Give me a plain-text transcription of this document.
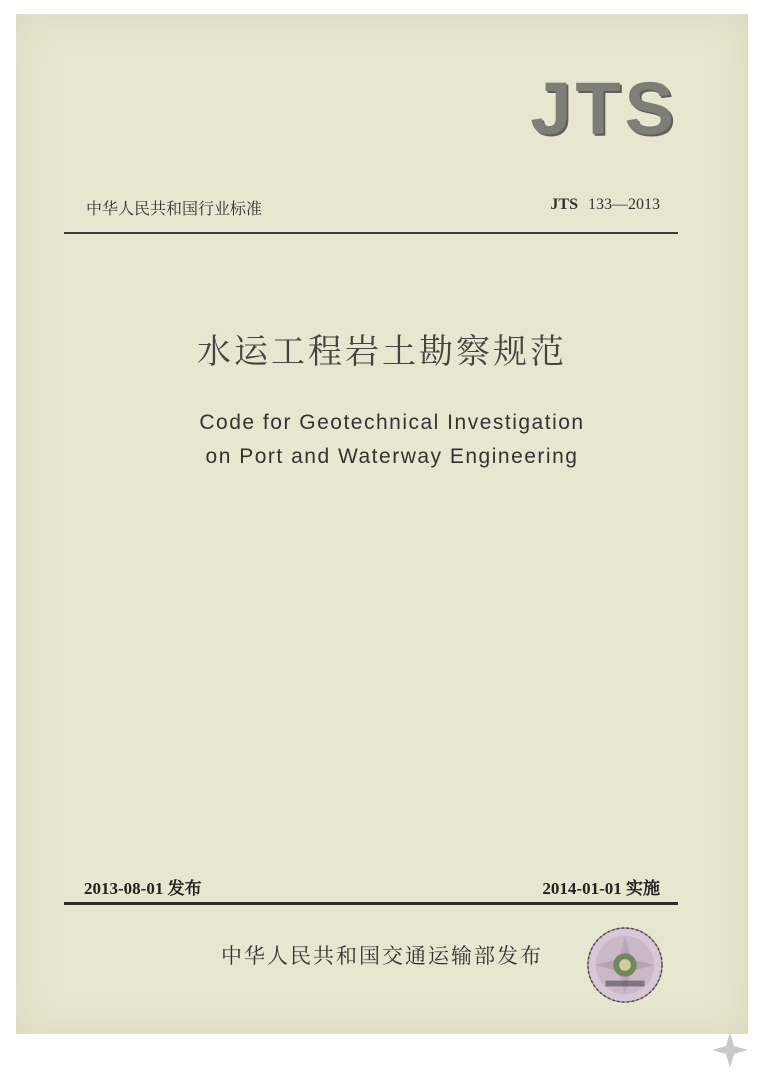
JTS
中华人民共和国行业标准	JTS 133—2013
水运工程岩土勘察规范
Code for Geotechnical Investigation
on Port and Waterway Engineering
2013-08-01 发布	2014-01-01 实施
中华人民共和国交通运输部发布
